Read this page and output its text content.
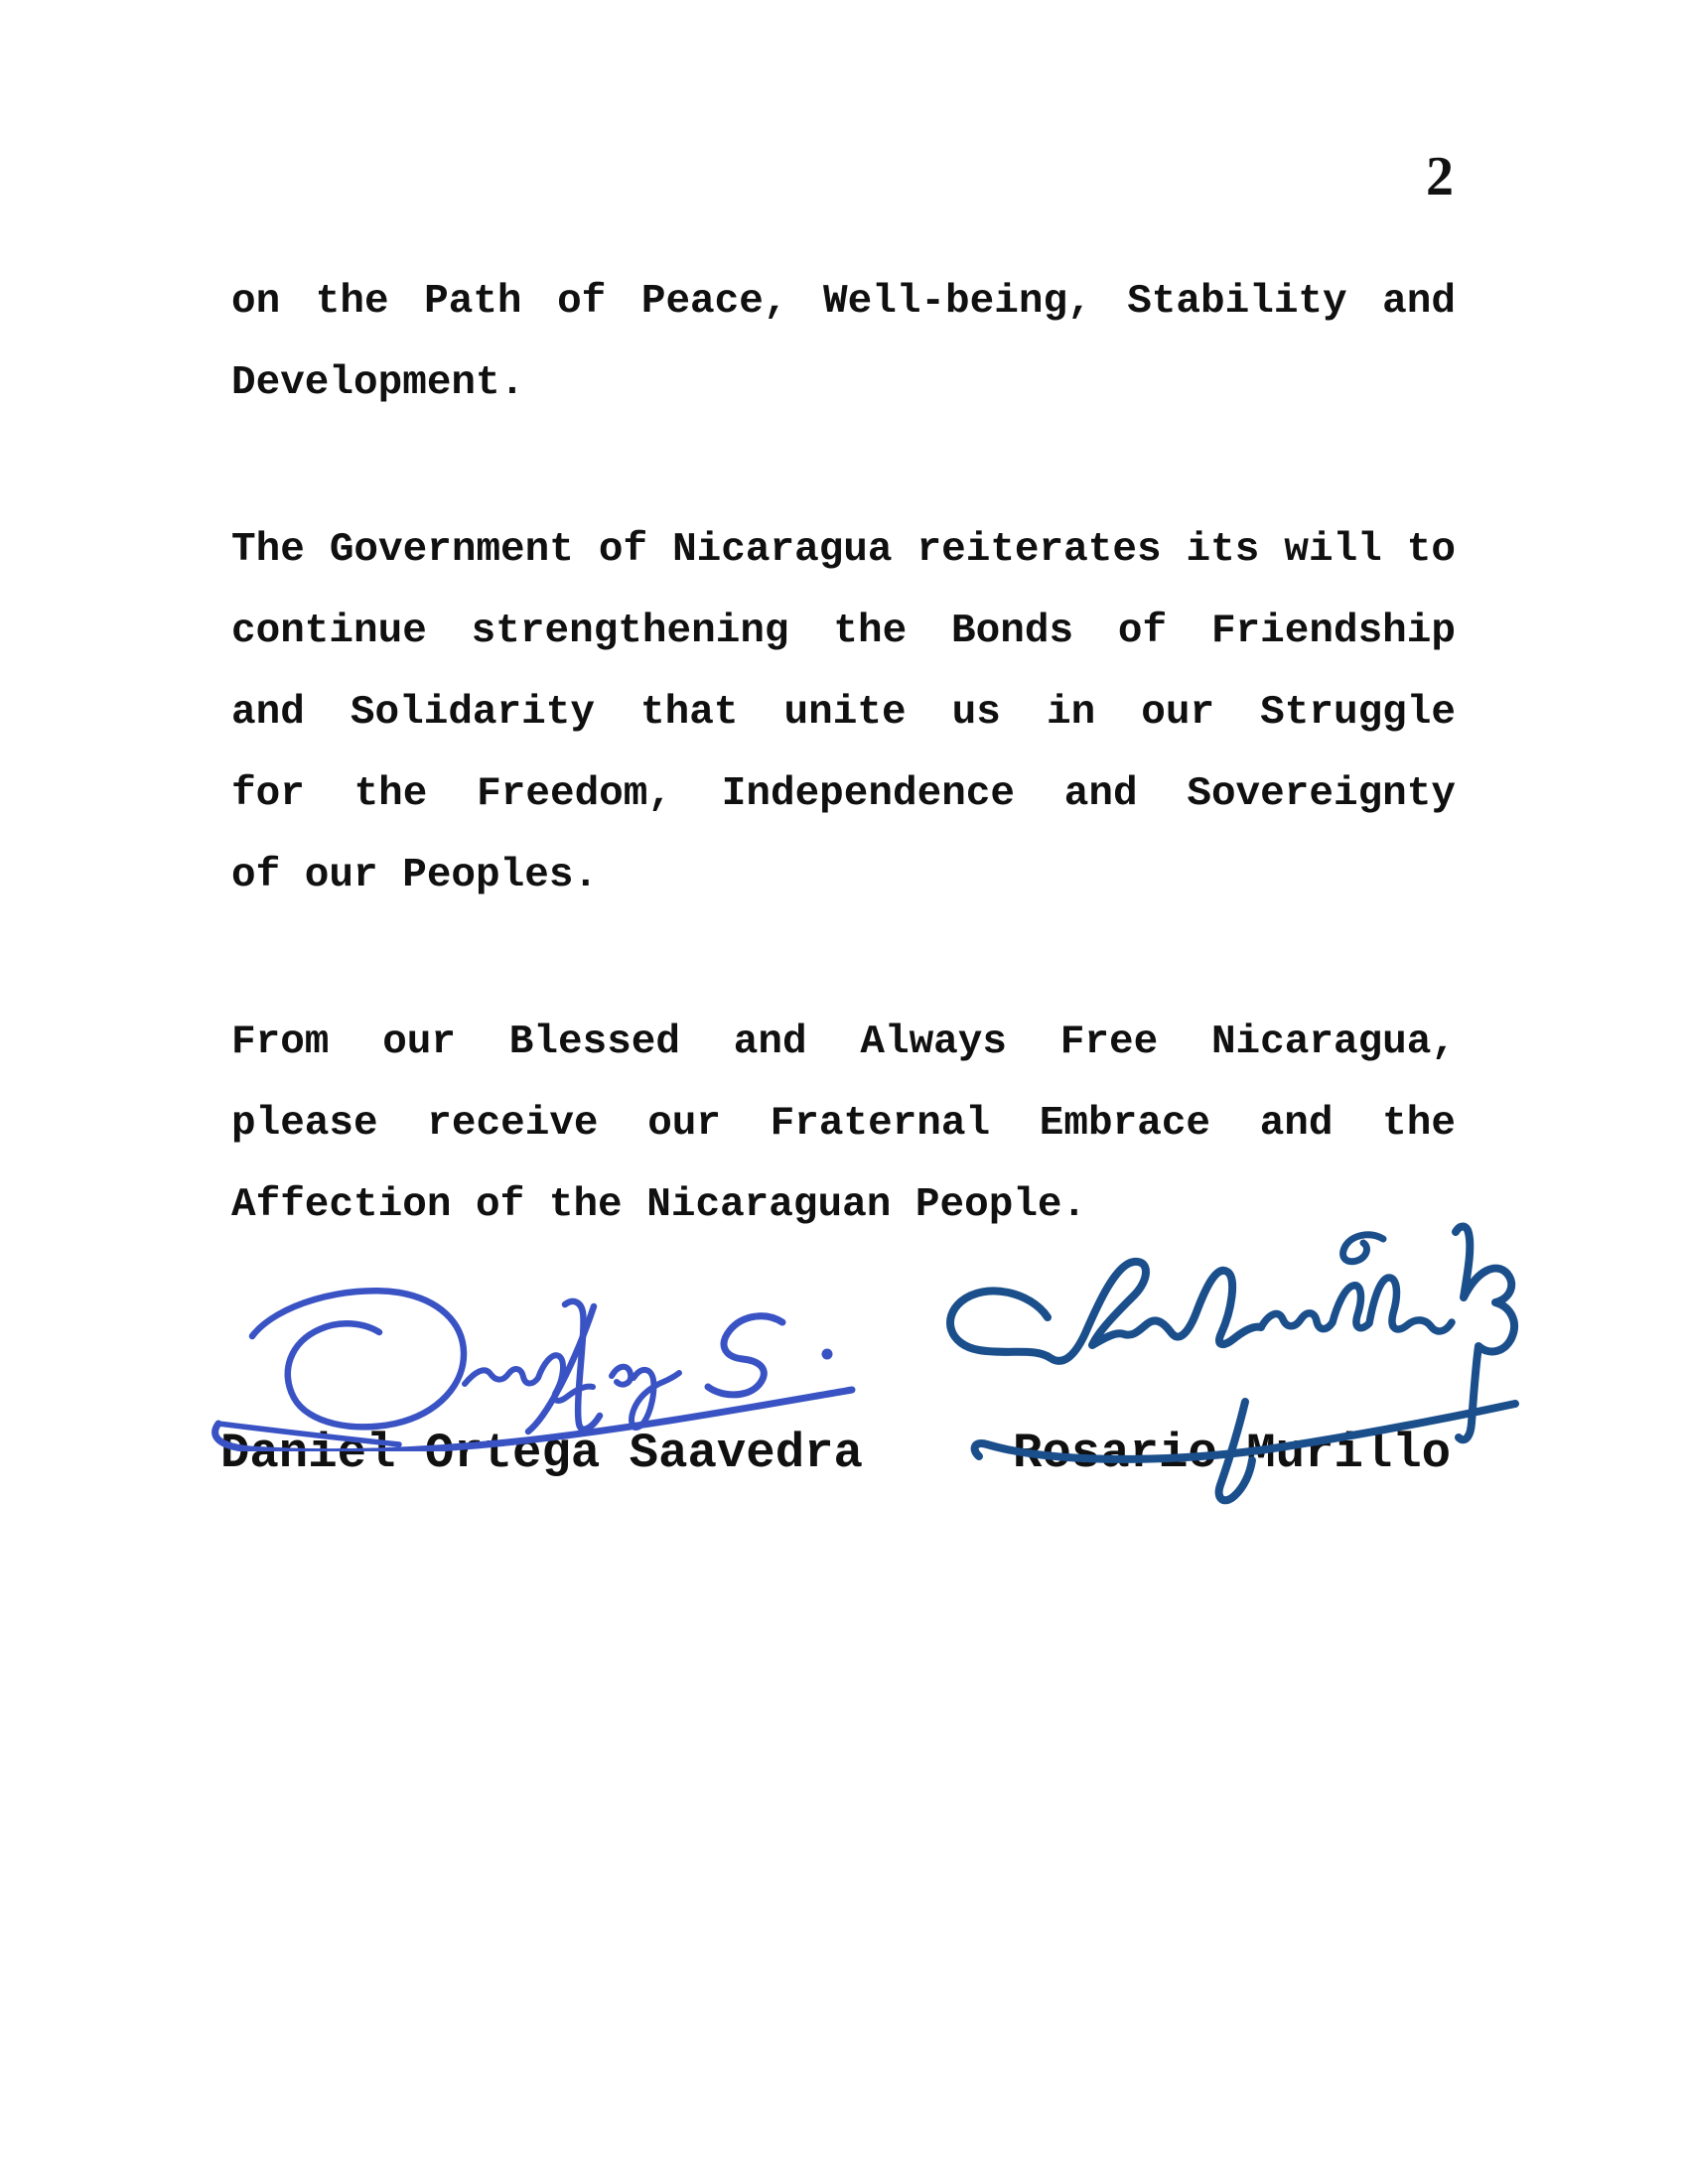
2

on the Path of Peace, Well-being, Stability and
Development.

The Government of Nicaragua reiterates its will to
continue strengthening the Bonds of Friendship
and Solidarity that unite us in our Struggle
for the Freedom, Independence and Sovereignty
of our Peoples.

From our Blessed and Always Free Nicaragua,
please receive our Fraternal Embrace and the
Affection of the Nicaraguan People.

Daniel Ortega Saavedra	Rosario Murillo
